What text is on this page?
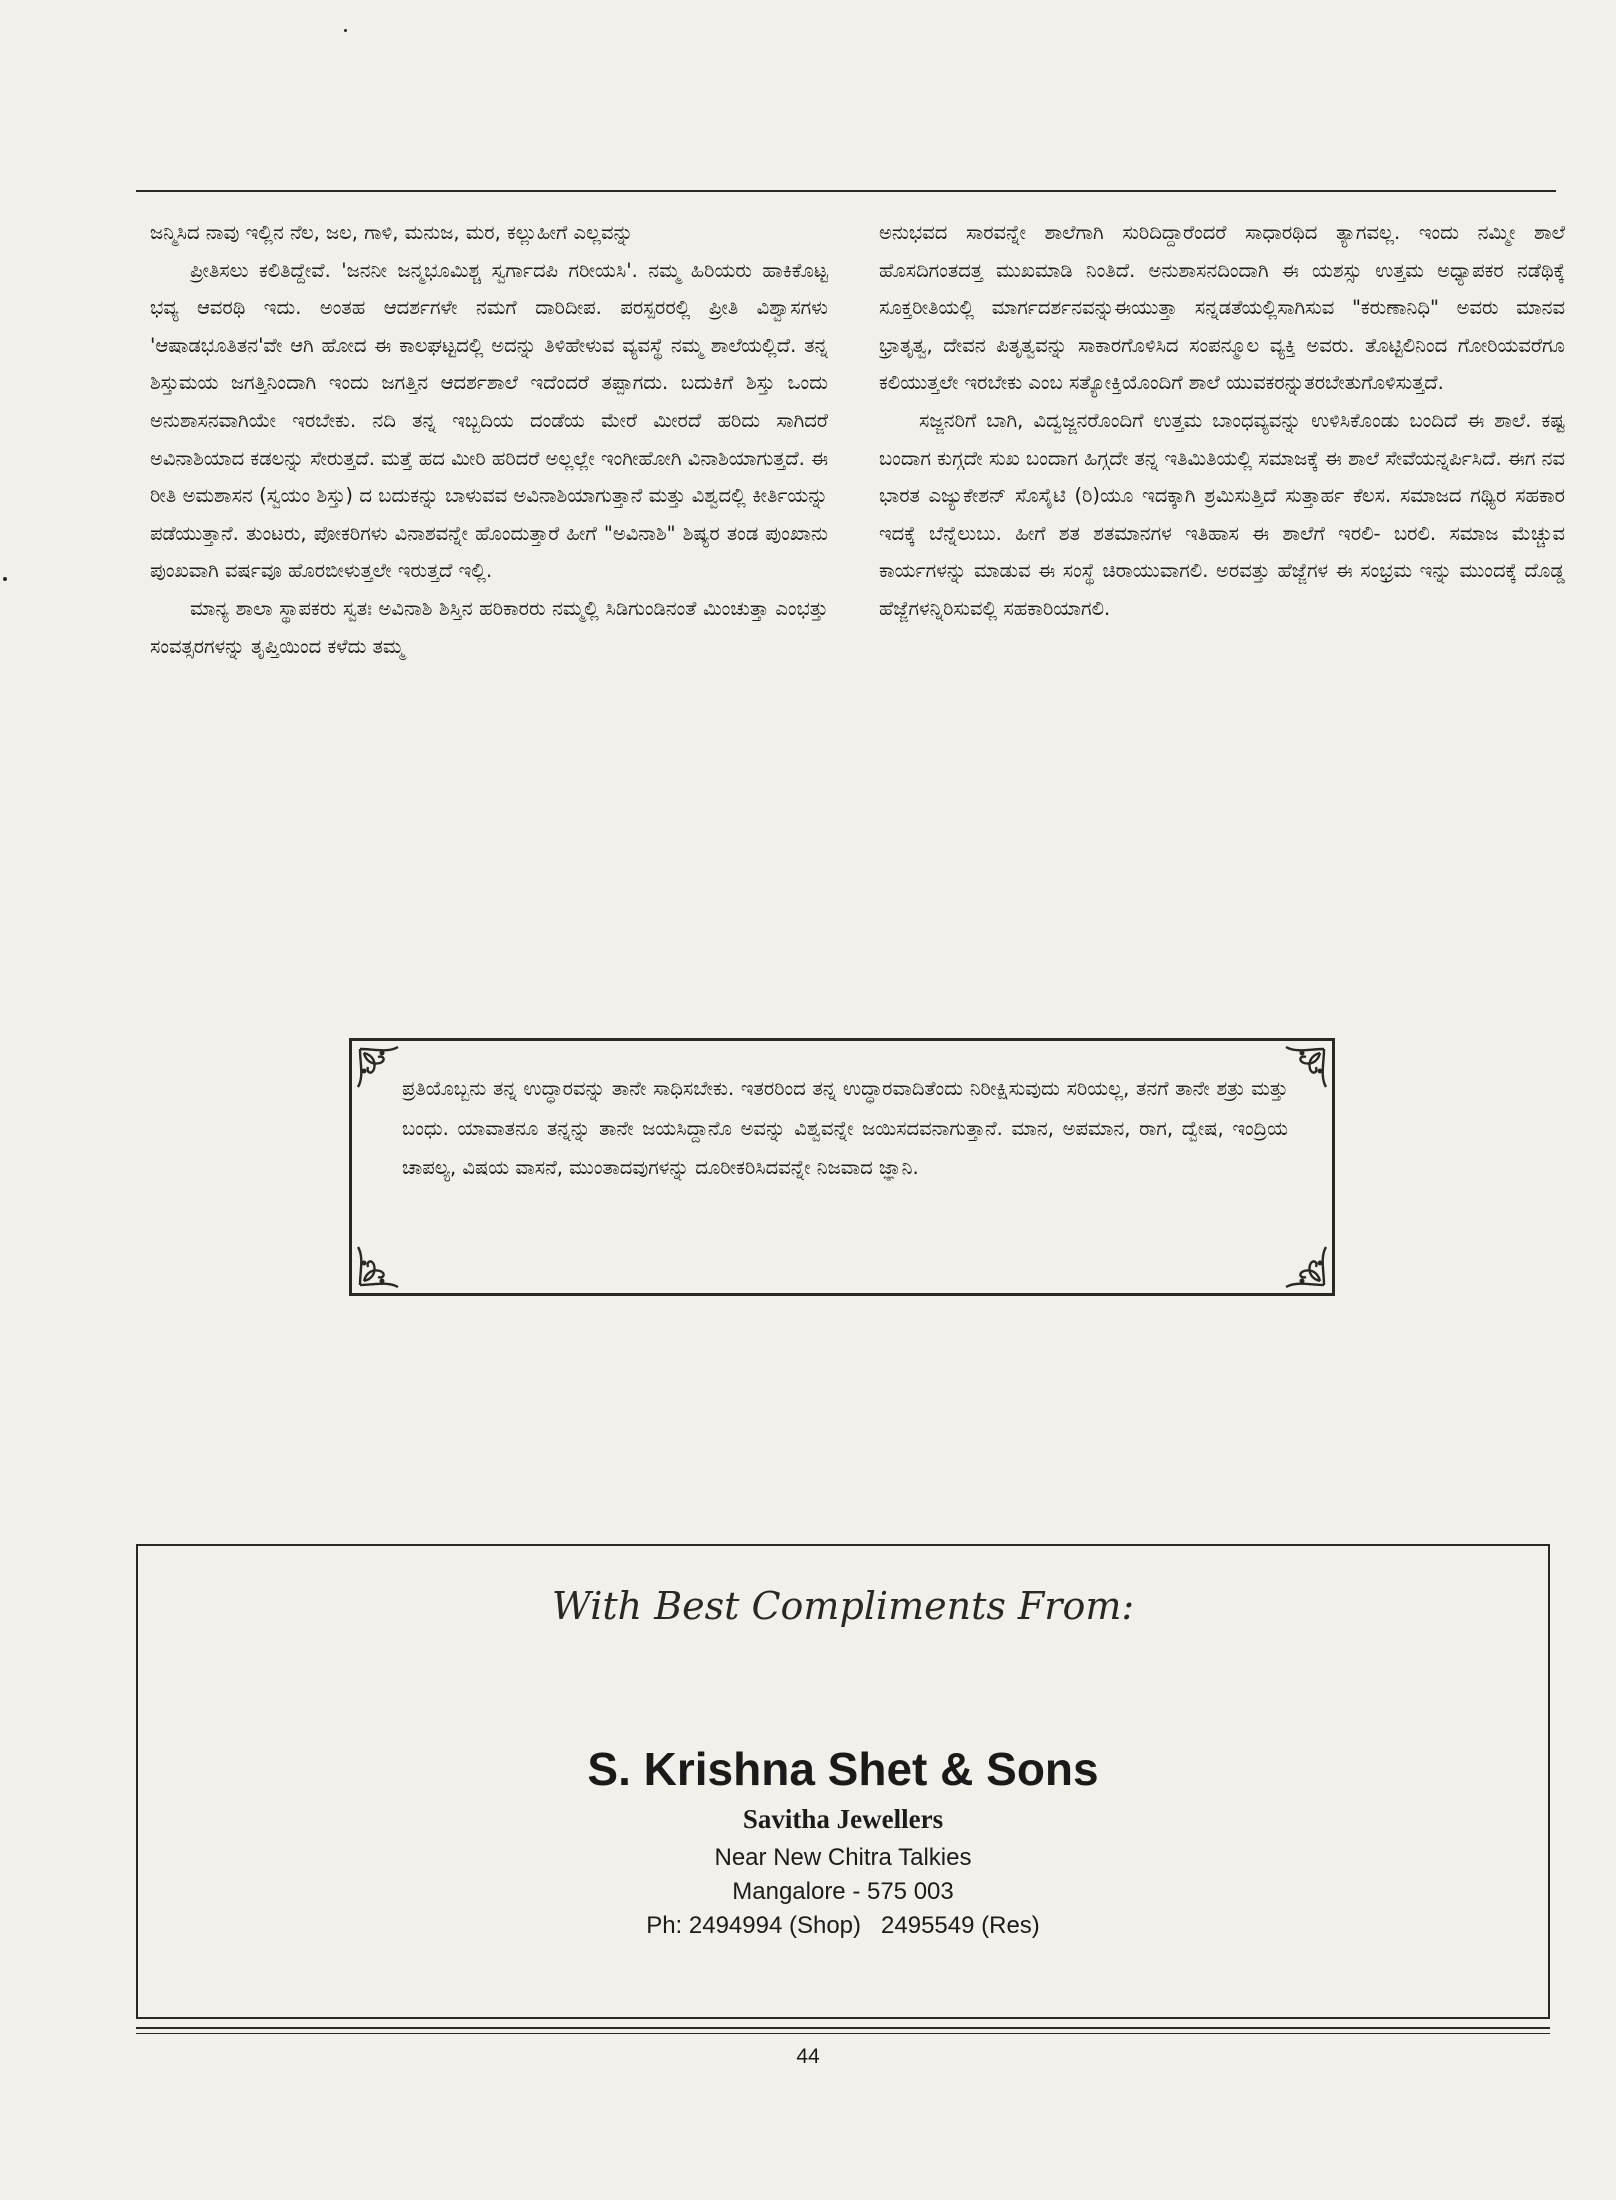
ಜನ್ಮಿಸಿದ ನಾವು ಇಲ್ಲಿನ ನೆಲ, ಜಲ, ಗಾಳಿ, ಮನುಜ, ಮರ, ಕಲ್ಲುಹೀಗೆ ಎಲ್ಲವನ್ನು

ಪ್ರೀತಿಸಲು ಕಲಿತಿದ್ದೇವೆ. 'ಜನನೀ ಜನ್ಮಭೂಮಿಶ್ಚ ಸ್ವರ್ಗಾದಪಿ ಗರೀಯಸಿ'. ನಮ್ಮ ಹಿರಿಯರು ಹಾಕಿಕೊಟ್ಟ ಭವ್ಯ ಆವರಥಿ ಇದು. ಅಂತಹ ಆದರ್ಶಗಳೇ ನಮಗೆ ದಾರಿದೀಪ. ಪರಸ್ಪರರಲ್ಲಿ ಪ್ರೀತಿ ವಿಶ್ವಾಸಗಳು 'ಆಷಾಡಭೂತಿತನ'ವೇ ಆಗಿ ಹೋದ ಈ ಕಾಲಘಟ್ಟದಲ್ಲಿ ಅದನ್ನು ತಿಳಿಹೇಳುವ ವ್ಯವಸ್ಥೆ ನಮ್ಮ ಶಾಲೆಯಲ್ಲಿದೆ. ತನ್ನ ಶಿಸ್ತುಮಯ ಜಗತ್ತಿನಿಂದಾಗಿ ಇಂದು ಜಗತ್ತಿನ ಆದರ್ಶಶಾಲೆ ಇದೆಂದರೆ ತಪ್ಪಾಗದು. ಬದುಕಿಗೆ ಶಿಸ್ತು ಒಂದು ಅನುಶಾಸನವಾಗಿಯೇ ಇರಬೇಕು. ನದಿ ತನ್ನ ಇಬ್ಬದಿಯ ದಂಡೆಯ ಮೇರೆ ಮೀರದೆ ಹರಿದು ಸಾಗಿದರೆ ಅವಿನಾಶಿಯಾದ ಕಡಲನ್ನು ಸೇರುತ್ತದೆ. ಮತ್ತೆ ಹದ ಮೀರಿ ಹರಿದರೆ ಅಲ್ಲಲ್ಲೇ ಇಂಗೀಹೋಗಿ ವಿನಾಶಿಯಾಗುತ್ತದೆ. ಈ ರೀತಿ ಅಮಶಾಸನ (ಸ್ವಯಂ ಶಿಸ್ತು) ದ ಬದುಕನ್ನು ಬಾಳುವವ ಅವಿನಾಶಿಯಾಗುತ್ತಾನೆ ಮತ್ತು ವಿಶ್ವದಲ್ಲಿ ಕೀರ್ತಿಯನ್ನು ಪಡೆಯುತ್ತಾನೆ. ತುಂಟರು, ಪೋಕರಿಗಳು ವಿನಾಶವನ್ನೇ ಹೊಂದುತ್ತಾರೆ ಹೀಗೆ "ಅವಿನಾಶಿ" ಶಿಷ್ಯರ ತಂಡ ಪುಂಖಾನು ಪುಂಖವಾಗಿ ವರ್ಷವೂ ಹೊರಬೀಳುತ್ತಲೇ ಇರುತ್ತದೆ ಇಲ್ಲಿ.

ಮಾನ್ಯ ಶಾಲಾ ಸ್ಥಾಪಕರು ಸ್ವತಃ ಅವಿನಾಶಿ ಶಿಸ್ತಿನ ಹರಿಕಾರರು ನಮ್ಮಲ್ಲಿ ಸಿಡಿಗುಂಡಿನಂತೆ ಮಿಂಚುತ್ತಾ ಎಂಭತ್ತು ಸಂವತ್ಸರಗಳನ್ನು ತೃಪ್ತಿಯಿಂದ ಕಳೆದು ತಮ್ಮ

ಅನುಭವದ ಸಾರವನ್ನೇ ಶಾಲೆಗಾಗಿ ಸುರಿದಿದ್ದಾರೆಂದರೆ ಸಾಧಾರಥಿದ ತ್ಯಾಗವಲ್ಲ. ಇಂದು ನಮ್ಮೀ ಶಾಲೆ ಹೊಸದಿಗಂತದತ್ತ ಮುಖಮಾಡಿ ನಿಂತಿದೆ. ಅನುಶಾಸನದಿಂದಾಗಿ ಈ ಯಶಸ್ಸು ಉತ್ತಮ ಅಧ್ಯಾಪಕರ ನಡೆಥಿಕ್ಕೆ ಸೂಕ್ತರೀತಿಯಲ್ಲಿ ಮಾರ್ಗದರ್ಶನವನ್ನುಈಯುತ್ತಾ ಸನ್ನಡತೆಯಲ್ಲಿಸಾಗಿಸುವ "ಕರುಣಾನಿಧಿ" ಅವರು ಮಾನವ ಭ್ರಾತೃತ್ವ, ದೇವನ ಪಿತೃತ್ವವನ್ನು ಸಾಕಾರಗೊಳಿಸಿದ ಸಂಪನ್ಮೂಲ ವ್ಯಕ್ತಿ ಅವರು. ತೊಟ್ಟಿಲಿನಿಂದ ಗೋರಿಯವರೆಗೂ ಕಲಿಯುತ್ತಲೇ ಇರಬೇಕು ಎಂಬ ಸತ್ಯೋಕ್ತಿಯೊಂದಿಗೆ ಶಾಲೆ ಯುವಕರನ್ನುತರಬೇತುಗೊಳಿಸುತ್ತದೆ.

ಸಜ್ಜನರಿಗೆ ಬಾಗಿ, ವಿದ್ವಜ್ಜನರೊಂದಿಗೆ ಉತ್ತಮ ಬಾಂಧವ್ಯವನ್ನು ಉಳಿಸಿಕೊಂಡು ಬಂದಿದೆ ಈ ಶಾಲೆ. ಕಷ್ಟ ಬಂದಾಗ ಕುಗ್ಗದೇ ಸುಖ ಬಂದಾಗ ಹಿಗ್ಗದೇ ತನ್ನ ಇತಿಮಿತಿಯಲ್ಲಿ ಸಮಾಜಕ್ಕೆ ಈ ಶಾಲೆ ಸೇವೆಯನ್ನರ್ಪಿಸಿದೆ. ಈಗ ನವ ಭಾರತ ಎಜ್ಯುಕೇಶನ್ ಸೊಸೈಟಿ (ರಿ)ಯೂ ಇದಕ್ಕಾಗಿ ಶ್ರಮಿಸುತ್ತಿದೆ ಸುತ್ತಾರ್ಹ ಕೆಲಸ. ಸಮಾಜದ ಗಥ್ಯಿರ ಸಹಕಾರ ಇದಕ್ಕೆ ಬೆನ್ನೆಲುಬು. ಹೀಗೆ ಶತ ಶತಮಾನಗಳ ಇತಿಹಾಸ ಈ ಶಾಲೆಗೆ ಇರಲಿ- ಬರಲಿ. ಸಮಾಜ ಮೆಚ್ಚುವ ಕಾರ್ಯಗಳನ್ನು ಮಾಡುವ ಈ ಸಂಸ್ಥೆ ಚಿರಾಯುವಾಗಲಿ. ಅರವತ್ತು ಹೆಜ್ಜೆಗಳ ಈ ಸಂಭ್ರಮ ಇನ್ನು ಮುಂದಕ್ಕೆ ದೊಡ್ಡ ಹೆಜ್ಜೆಗಳನ್ನಿರಿಸುವಲ್ಲಿ ಸಹಕಾರಿಯಾಗಲಿ.

ಪ್ರತಿಯೊಬ್ಬನು ತನ್ನ ಉದ್ಧಾರವನ್ನು ತಾನೇ ಸಾಧಿಸಬೇಕು. ಇತರರಿಂದ ತನ್ನ ಉದ್ಧಾರವಾದಿತೆಂದು ನಿರೀಕ್ಷಿಸುವುದು ಸರಿಯಲ್ಲ, ತನಗೆ ತಾನೇ ಶತ್ರು ಮತ್ತು ಬಂಧು. ಯಾವಾತನೂ ತನ್ನನ್ನು ತಾನೇ ಜಯಸಿದ್ದಾನೊ ಅವನ್ನು ವಿಶ್ವವನ್ನೇ ಜಯಿಸದವನಾಗುತ್ತಾನೆ. ಮಾನ, ಅಪಮಾನ, ರಾಗ, ದ್ವೇಷ, ಇಂದ್ರಿಯ ಚಾಪಲ್ಯ, ವಿಷಯ ವಾಸನೆ, ಮುಂತಾದವುಗಳನ್ನು ದೂರೀಕರಿಸಿದವನ್ನೇ ನಿಜವಾದ ಜ್ಞಾನಿ.

With Best Compliments From:
S. Krishna Shet & Sons
Savitha Jewellers
Near New Chitra Talkies
Mangalore - 575 003
Ph: 2494994 (Shop)   2495549 (Res)
44
